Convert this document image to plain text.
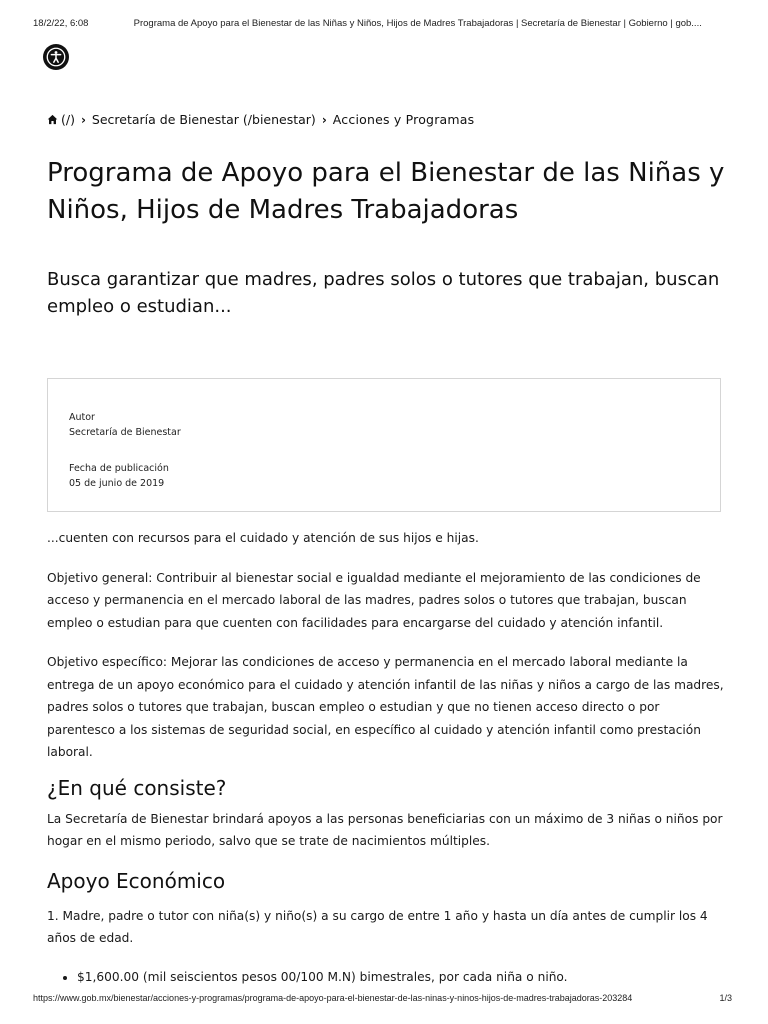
18/2/22, 6:08	Programa de Apoyo para el Bienestar de las Niñas y Niños, Hijos de Madres Trabajadoras | Secretaría de Bienestar | Gobierno | gob....
(/) › Secretaría de Bienestar (/bienestar) › Acciones y Programas
Programa de Apoyo para el Bienestar de las Niñas y Niños, Hijos de Madres Trabajadoras

Busca garantizar que madres, padres solos o tutores que trabajan, buscan empleo o estudian...

Autor
Secretaría de Bienestar
Fecha de publicación
05 de junio de 2019

...cuenten con recursos para el cuidado y atención de sus hijos e hijas.

Objetivo general: Contribuir al bienestar social e igualdad mediante el mejoramiento de las condiciones de acceso y permanencia en el mercado laboral de las madres, padres solos o tutores que trabajan, buscan empleo o estudian para que cuenten con facilidades para encargarse del cuidado y atención infantil.

Objetivo específico: Mejorar las condiciones de acceso y permanencia en el mercado laboral mediante la entrega de un apoyo económico para el cuidado y atención infantil de las niñas y niños a cargo de las madres, padres solos o tutores que trabajan, buscan empleo o estudian y que no tienen acceso directo o por parentesco a los sistemas de seguridad social, en específico al cuidado y atención infantil como prestación laboral.

¿En qué consiste?

La Secretaría de Bienestar brindará apoyos a las personas beneficiarias con un máximo de 3 niñas o niños por hogar en el mismo periodo, salvo que se trate de nacimientos múltiples.

Apoyo Económico

1. Madre, padre o tutor con niña(s) y niño(s) a su cargo de entre 1 año y hasta un día antes de cumplir los 4 años de edad.

• $1,600.00 (mil seiscientos pesos 00/100 M.N) bimestrales, por cada niña o niño.
https://www.gob.mx/bienestar/acciones-y-programas/programa-de-apoyo-para-el-bienestar-de-las-ninas-y-ninos-hijos-de-madres-trabajadoras-203284	1/3
